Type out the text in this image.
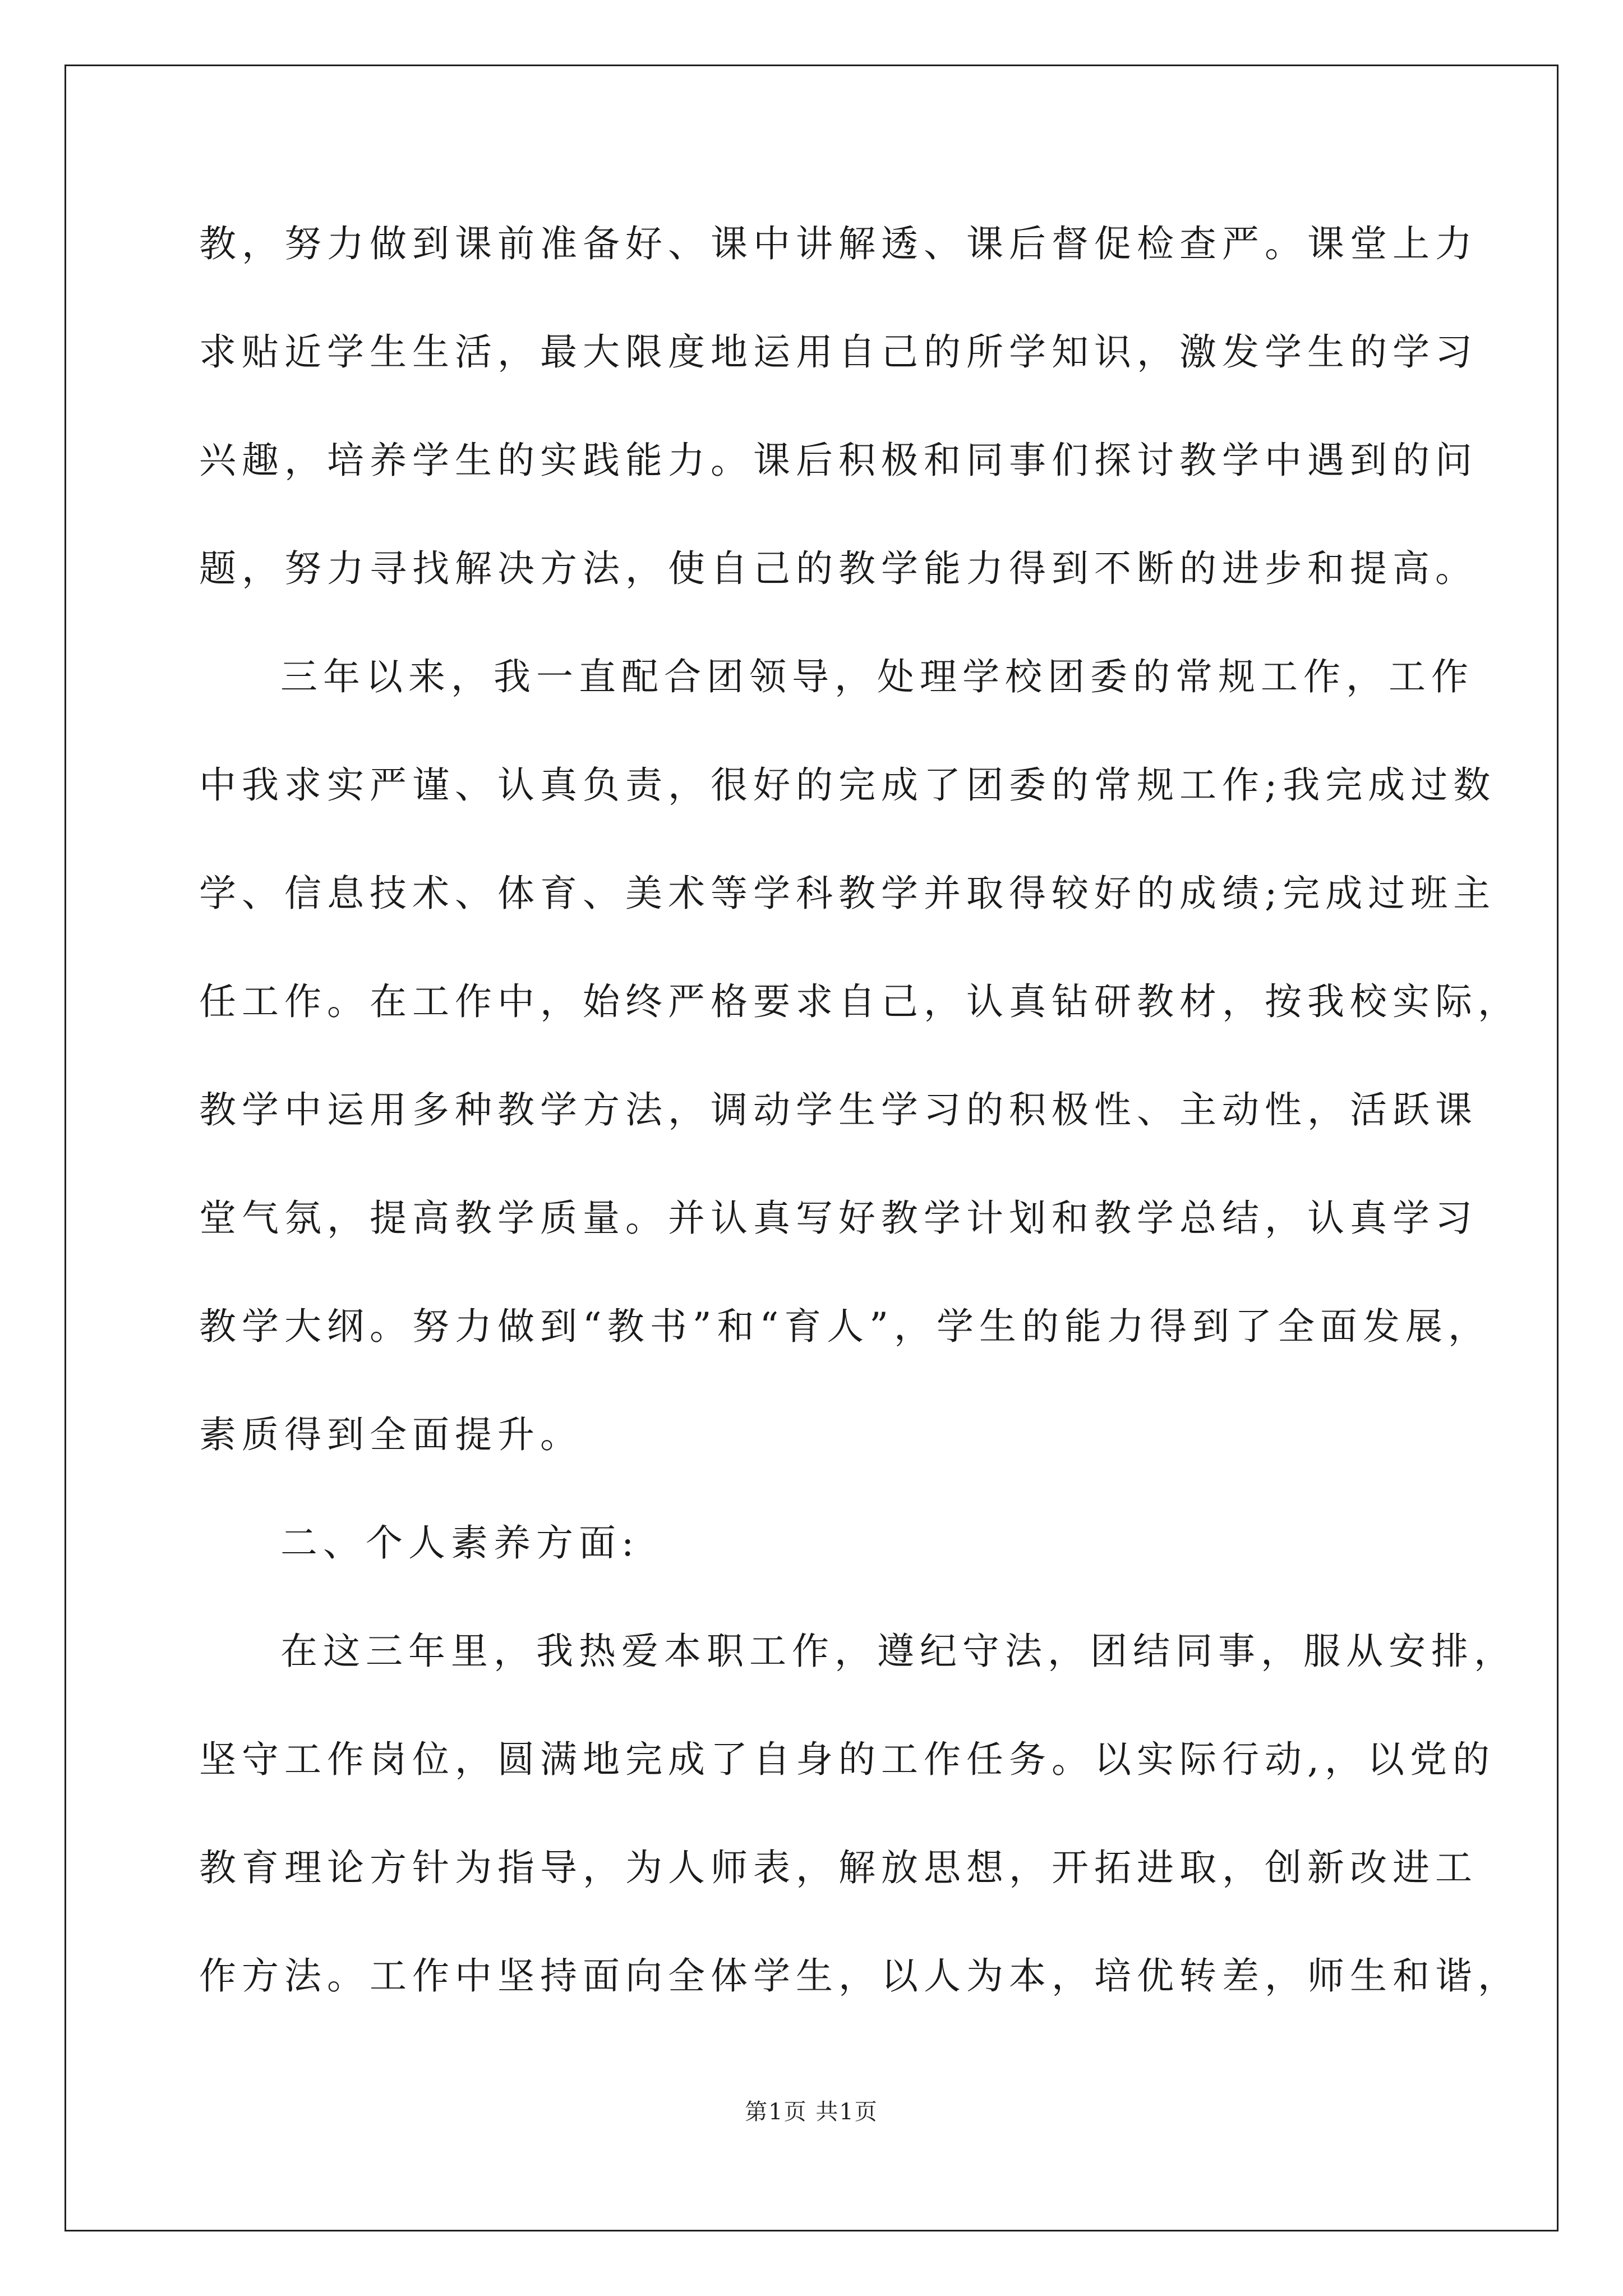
教，努力做到课前准备好、课中讲解透、课后督促检查严。课堂上力
求贴近学生生活，最大限度地运用自己的所学知识，激发学生的学习
兴趣，培养学生的实践能力。课后积极和同事们探讨教学中遇到的问
题，努力寻找解决方法，使自己的教学能力得到不断的进步和提高。
三年以来，我一直配合团领导，处理学校团委的常规工作，工作
中我求实严谨、认真负责，很好的完成了团委的常规工作;我完成过数
学、信息技术、体育、美术等学科教学并取得较好的成绩;完成过班主
任工作。在工作中，始终严格要求自己，认真钻研教材，按我校实际，
教学中运用多种教学方法，调动学生学习的积极性、主动性，活跃课
堂气氛，提高教学质量。并认真写好教学计划和教学总结，认真学习
教学大纲。努力做到“教书”和“育人”，学生的能力得到了全面发展，
素质得到全面提升。
二、个人素养方面:
在这三年里，我热爱本职工作，遵纪守法，团结同事，服从安排，
坚守工作岗位，圆满地完成了自身的工作任务。以实际行动,，以党的
教育理论方针为指导，为人师表，解放思想，开拓进取，创新改进工
作方法。工作中坚持面向全体学生，以人为本，培优转差，师生和谐，
第1页 共1页
